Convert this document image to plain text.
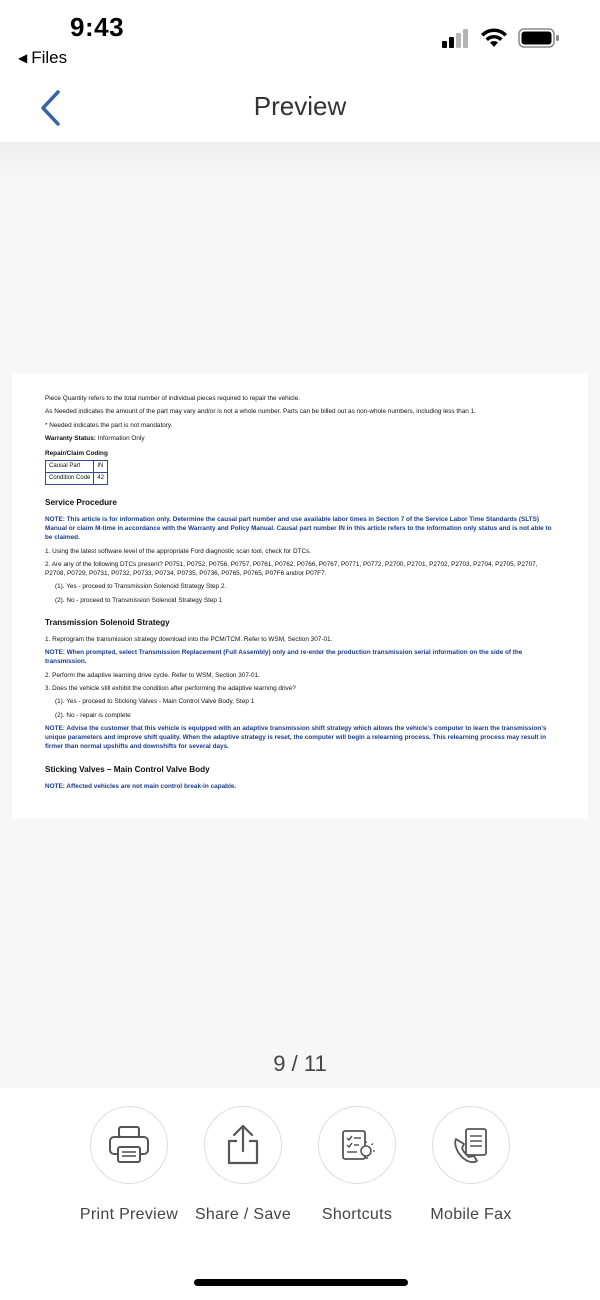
9:43
◀ Files
Preview

Piece Quantity refers to the total number of individual pieces required to repair the vehicle.

As Needed indicates the amount of the part may vary and/or is not a whole number. Parts can be billed out as non-whole numbers, including less than 1.

* Needed indicates the part is not mandatory.

Warranty Status: Information Only

Repair/Claim Coding
Causal Part	IN
Condition Code	42
Service Procedure

NOTE: This article is for information only. Determine the causal part number and use available labor times in Section 7 of the Service Labor Time Standards (SLTS) Manual or claim M-time in accordance with the Warranty and Policy Manual. Causal part number IN in this article refers to the information only status and is not able to be claimed.

1. Using the latest software level of the appropriate Ford diagnostic scan tool, check for DTCs.

2. Are any of the following DTCs present? P0751, P0752, P0756, P0757, P0761, P0762, P0766, P0767, P0771, P0772, P2700, P2701, P2702, P2703, P2704, P2705, P2707, P2708, P0729, P0731, P0732, P0733, P0734, P0735, P0736, P0765, P0765, P07F6 and/or P07F7.

(1). Yes - proceed to Transmission Solenoid Strategy Step 2.

(2). No - proceed to Transmission Solenoid Strategy Step 1

Transmission Solenoid Strategy

1. Reprogram the transmission strategy download into the PCM/TCM. Refer to WSM, Section 307-01.

NOTE: When prompted, select Transmission Replacement (Full Assembly) only and re-enter the production transmission serial information on the side of the transmission.

2. Perform the adaptive learning drive cycle. Refer to WSM, Section 307-01.

3. Does the vehicle still exhibit the condition after performing the adaptive learning drive?

(1). Yes - proceed to Sticking Valves - Main Control Valve Body, Step 1

(2). No - repair is complete

NOTE: Advise the customer that this vehicle is equipped with an adaptive transmission shift strategy which allows the vehicle's computer to learn the transmission's unique parameters and improve shift quality. When the adaptive strategy is reset, the computer will begin a relearning process. This relearning process may result in firmer than normal upshifts and downshifts for several days.

Sticking Valves – Main Control Valve Body

NOTE: Affected vehicles are not main control break-in capable.

9 / 11
Print Preview Share / Save Shortcuts Mobile Fax
